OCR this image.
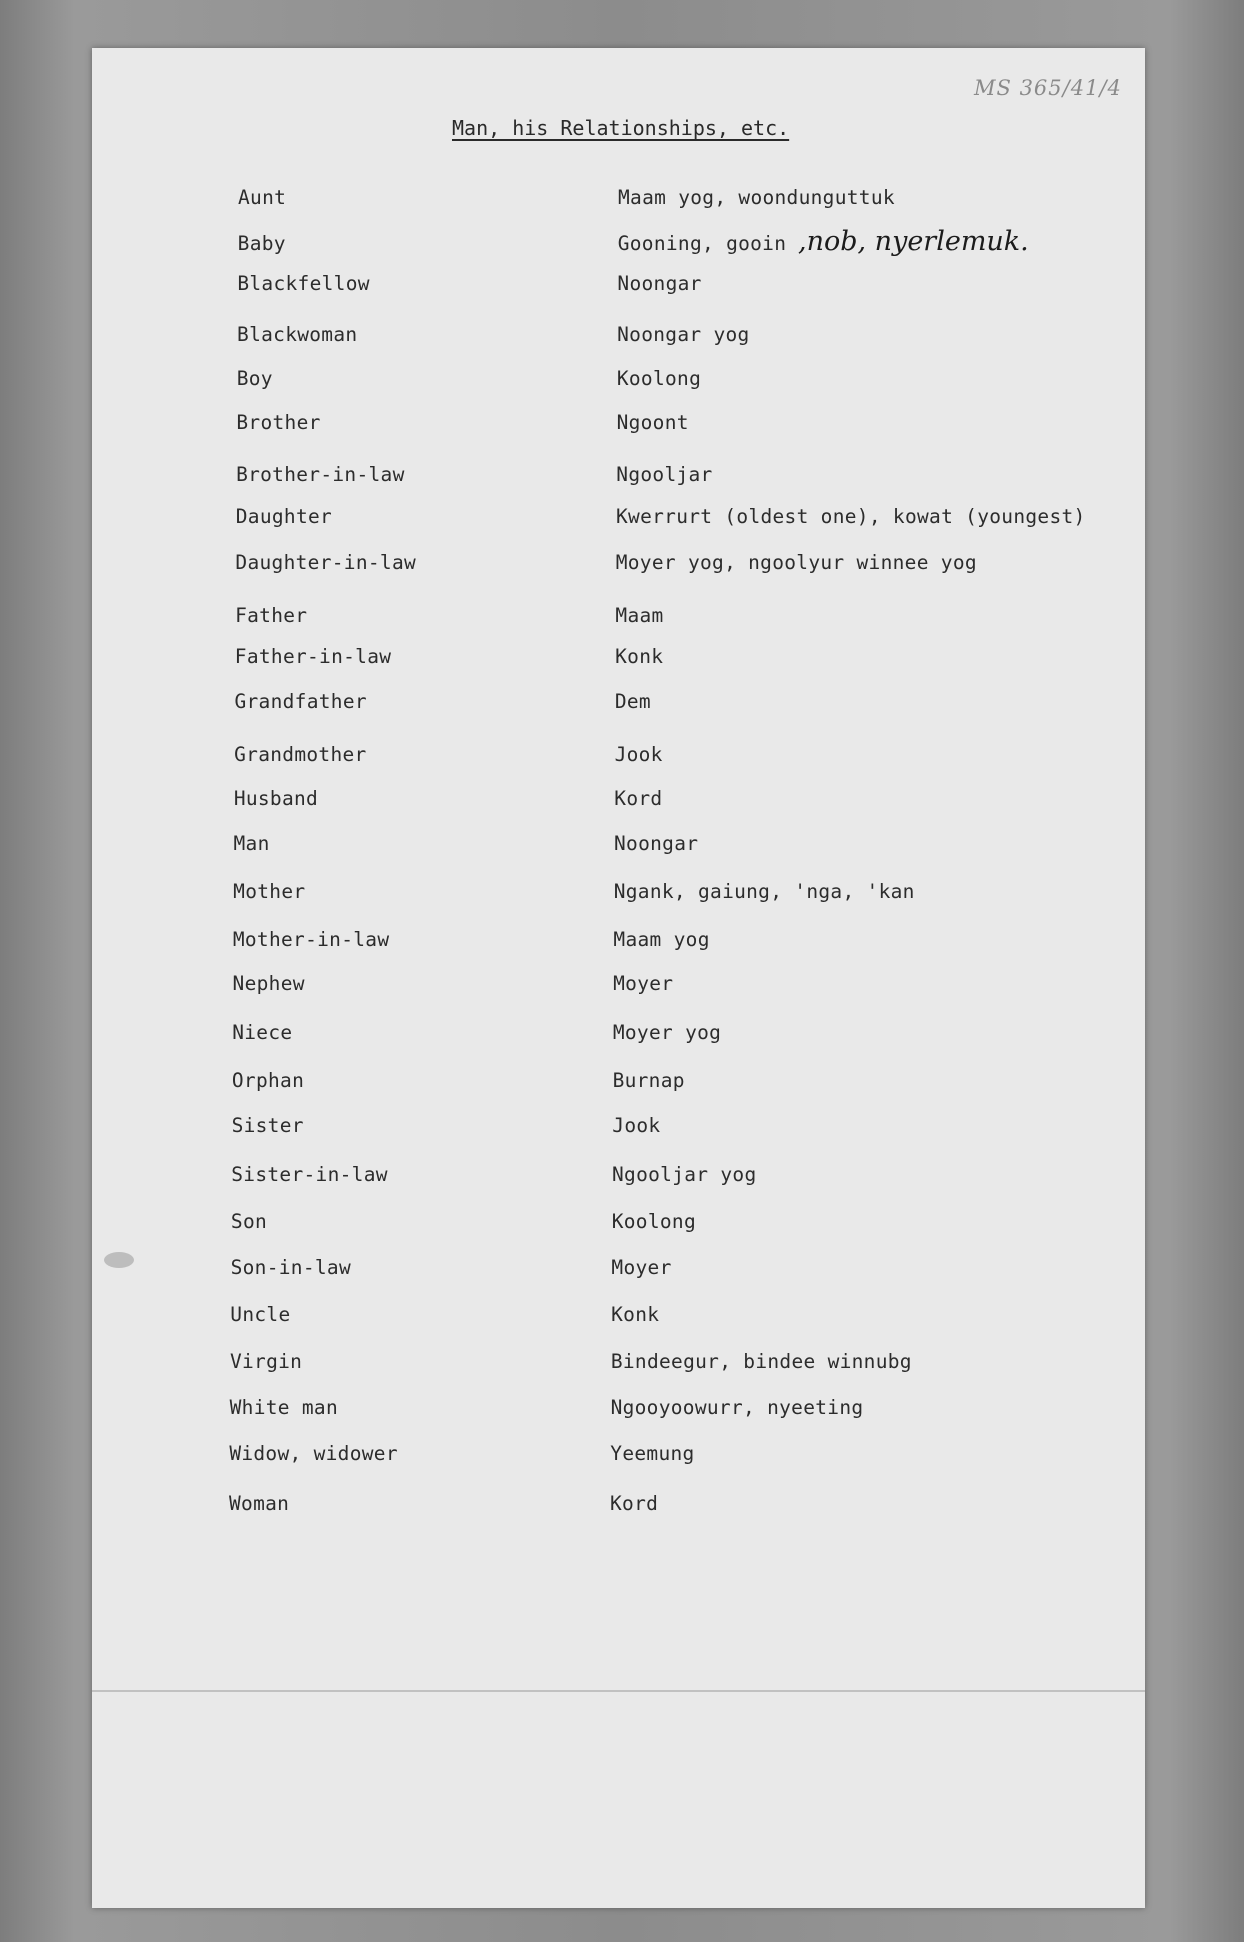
MS 365/41/4
Man, his Relationships, etc.
Aunt	Maam yog, woondunguttuk
Baby	Gooning, gooin ,nob, nyerlemuk.
Blackfellow	Noongar
Blackwoman	Noongar yog
Boy	Koolong
Brother	Ngoont
Brother-in-law	Ngooljar
Daughter	Kwerrurt (oldest one), kowat (youngest)
Daughter-in-law	Moyer yog, ngoolyur winnee yog
Father	Maam
Father-in-law	Konk
Grandfather	Dem
Grandmother	Jook
Husband	Kord
Man	Noongar
Mother	Ngank, gaiung, 'nga, 'kan
Mother-in-law	Maam yog
Nephew	Moyer
Niece	Moyer yog
Orphan	Burnap
Sister	Jook
Sister-in-law	Ngooljar yog
Son	Koolong
Son-in-law	Moyer
Uncle	Konk
Virgin	Bindeegur, bindee winnubg
White man	Ngooyoowurr, nyeeting
Widow, widower	Yeemung
Woman	Kord
